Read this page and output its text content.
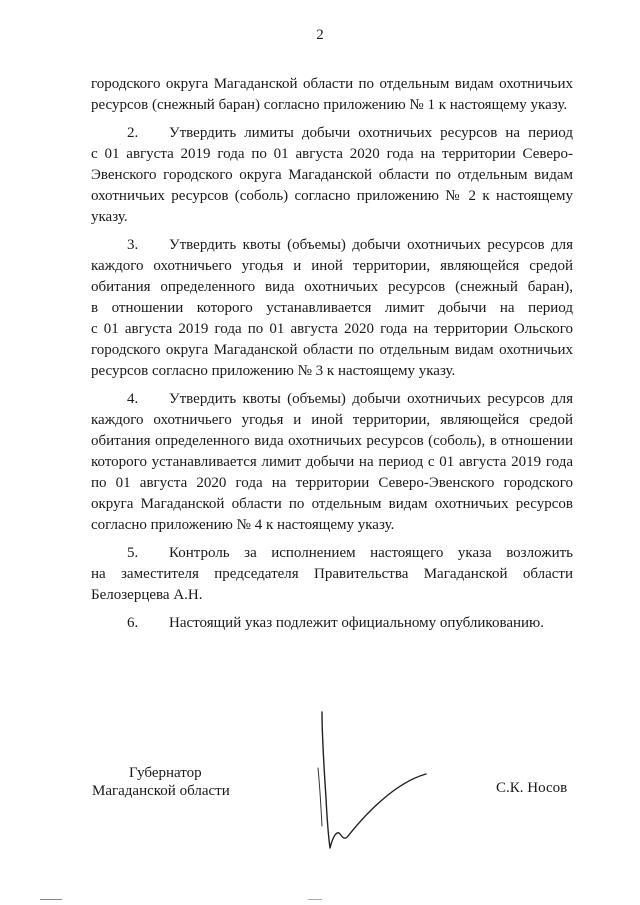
2
городского округа Магаданской области по отдельным видам охотничьих
ресурсов (снежный баран) согласно приложению № 1 к настоящему указу.
2. Утвердить лимиты добычи охотничьих ресурсов на период
с 01 августа 2019 года по 01 августа 2020 года на территории Северо-
Эвенского городского округа Магаданской области по отдельным видам
охотничьих ресурсов (соболь) согласно приложению № 2 к настоящему
указу.
3. Утвердить квоты (объемы) добычи охотничьих ресурсов для
каждого охотничьего угодья и иной территории, являющейся средой
обитания определенного вида охотничьих ресурсов (снежный баран),
в отношении которого устанавливается лимит добычи на период
с 01 августа 2019 года по 01 августа 2020 года на территории Ольского
городского округа Магаданской области по отдельным видам охотничьих
ресурсов согласно приложению № 3 к настоящему указу.
4. Утвердить квоты (объемы) добычи охотничьих ресурсов для
каждого охотничьего угодья и иной территории, являющейся средой
обитания определенного вида охотничьих ресурсов (соболь), в отношении
которого устанавливается лимит добычи на период с 01 августа 2019 года
по 01 августа 2020 года на территории Северо-Эвенского городского
округа Магаданской области по отдельным видам охотничьих ресурсов
согласно приложению № 4 к настоящему указу.
5. Контроль за исполнением настоящего указа возложить
на заместителя председателя Правительства Магаданской области
Белозерцева А.Н.
6. Настоящий указ подлежит официальному опубликованию.
Губернатор
Магаданской области	С.К. Носов
